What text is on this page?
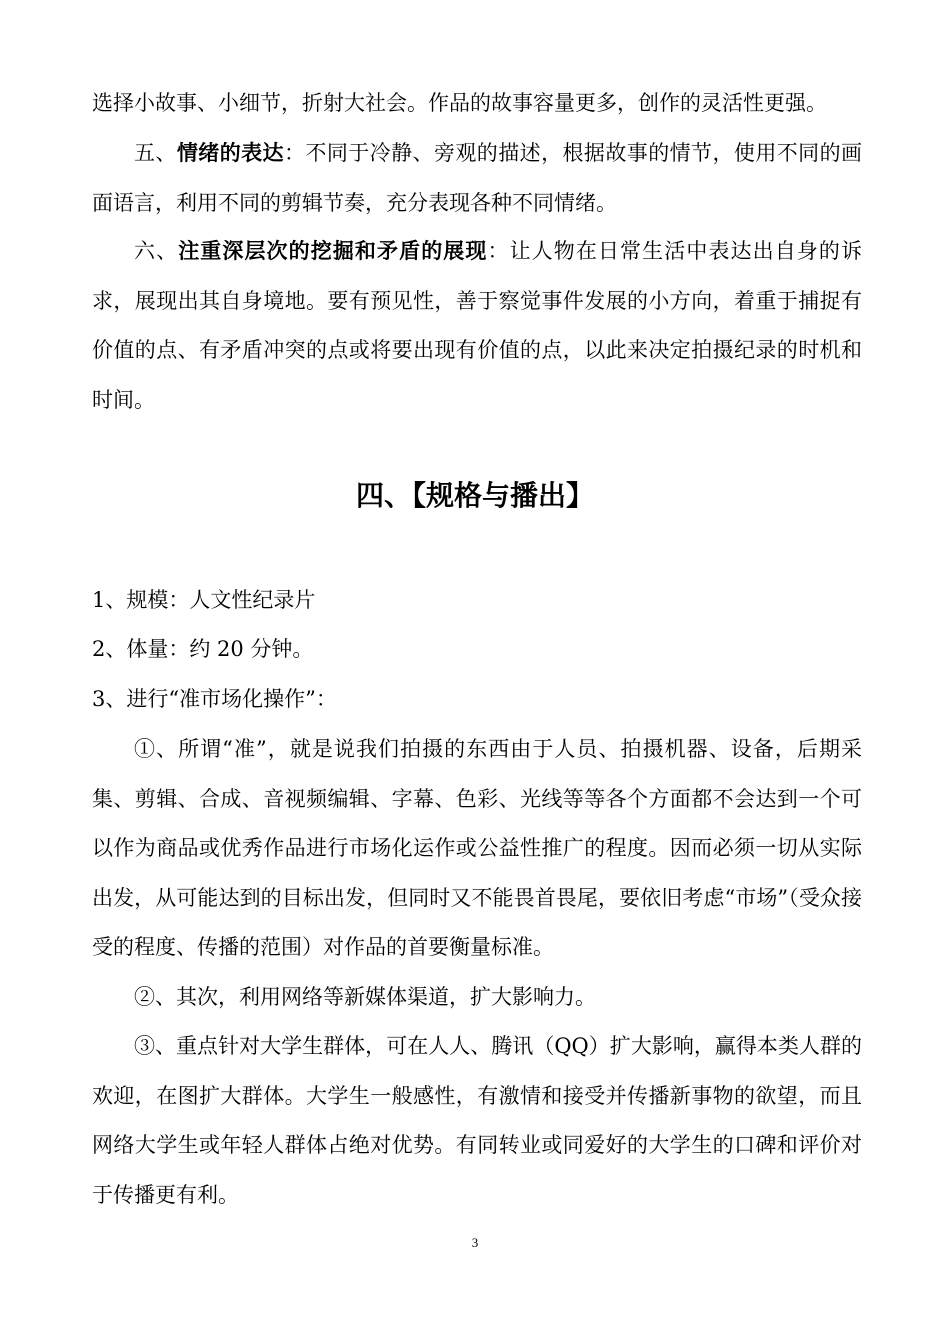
选择小故事、小细节，折射大社会。作品的故事容量更多，创作的灵活性更强。

五、情绪的表达：不同于冷静、旁观的描述，根据故事的情节，使用不同的画面语言，利用不同的剪辑节奏，充分表现各种不同情绪。

六、注重深层次的挖掘和矛盾的展现：让人物在日常生活中表达出自身的诉求，展现出其自身境地。要有预见性，善于察觉事件发展的小方向，着重于捕捉有价值的点、有矛盾冲突的点或将要出现有价值的点，以此来决定拍摄纪录的时机和时间。

四、【规格与播出】

1、规模：人文性纪录片

2、体量：约 20 分钟。

3、进行“准市场化操作”：

①、所谓“准”，就是说我们拍摄的东西由于人员、拍摄机器、设备，后期采集、剪辑、合成、音视频编辑、字幕、色彩、光线等等各个方面都不会达到一个可以作为商品或优秀作品进行市场化运作或公益性推广的程度。因而必须一切从实际出发，从可能达到的目标出发，但同时又不能畏首畏尾，要依旧考虑“市场”（受众接受的程度、传播的范围）对作品的首要衡量标准。

②、其次，利用网络等新媒体渠道，扩大影响力。

③、重点针对大学生群体，可在人人、腾讯（QQ）扩大影响，赢得本类人群的欢迎，在图扩大群体。大学生一般感性，有激情和接受并传播新事物的欲望，而且网络大学生或年轻人群体占绝对优势。有同转业或同爱好的大学生的口碑和评价对于传播更有利。

3
